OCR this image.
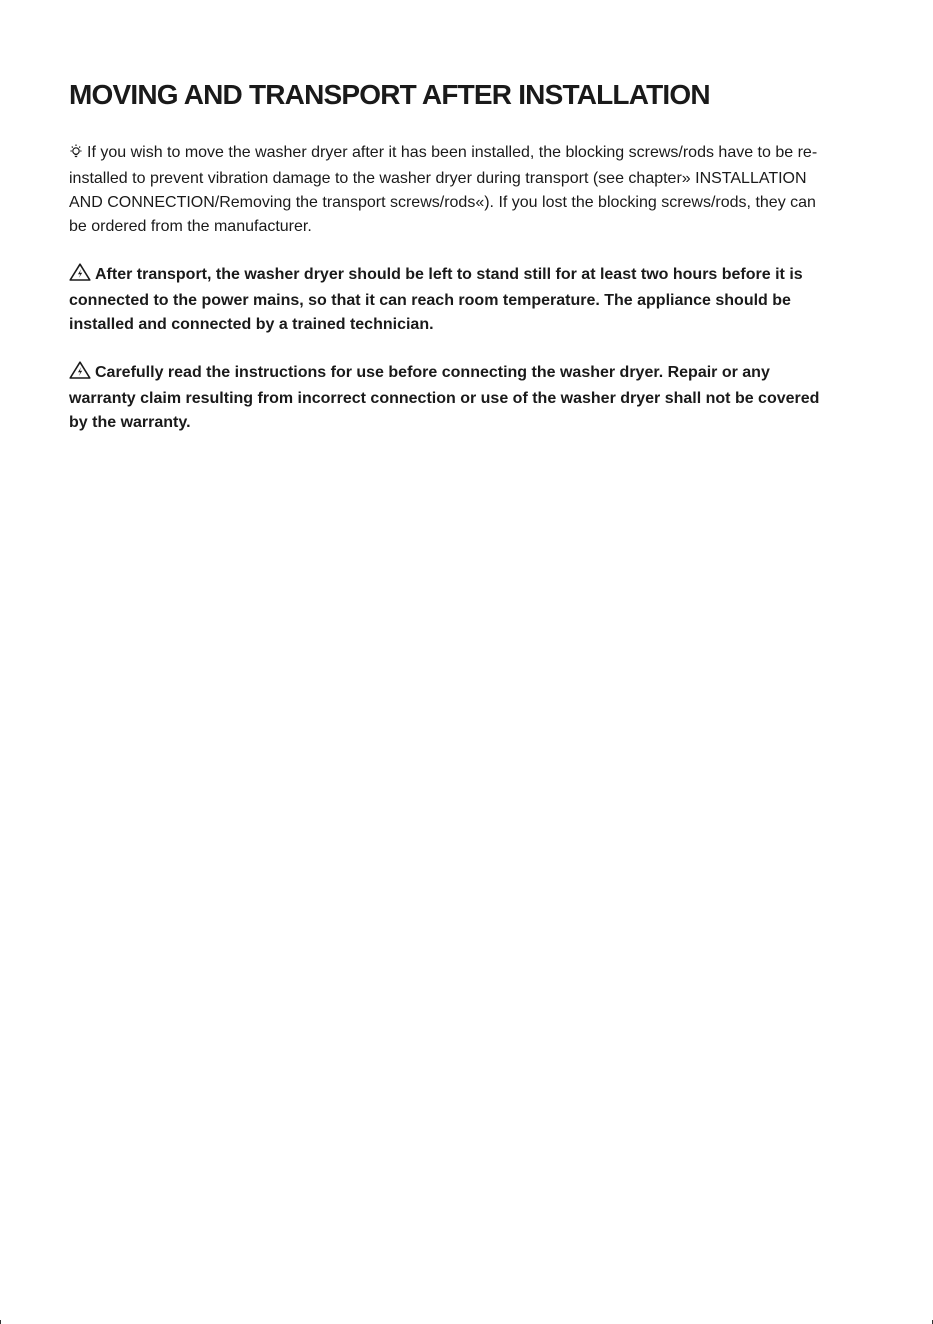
MOVING AND TRANSPORT AFTER INSTALLATION

If you wish to move the washer dryer after it has been installed, the blocking screws/rods have to be re-installed to prevent vibration damage to the washer dryer during transport (see chapter» INSTALLATION AND CONNECTION/Removing the transport screws/rods«). If you lost the blocking screws/rods, they can be ordered from the manufacturer.

After transport, the washer dryer should be left to stand still for at least two hours before it is connected to the power mains, so that it can reach room temperature. The appliance should be installed and connected by a trained technician.

Carefully read the instructions for use before connecting the washer dryer. Repair or any warranty claim resulting from incorrect connection or use of the washer dryer shall not be covered by the warranty.
